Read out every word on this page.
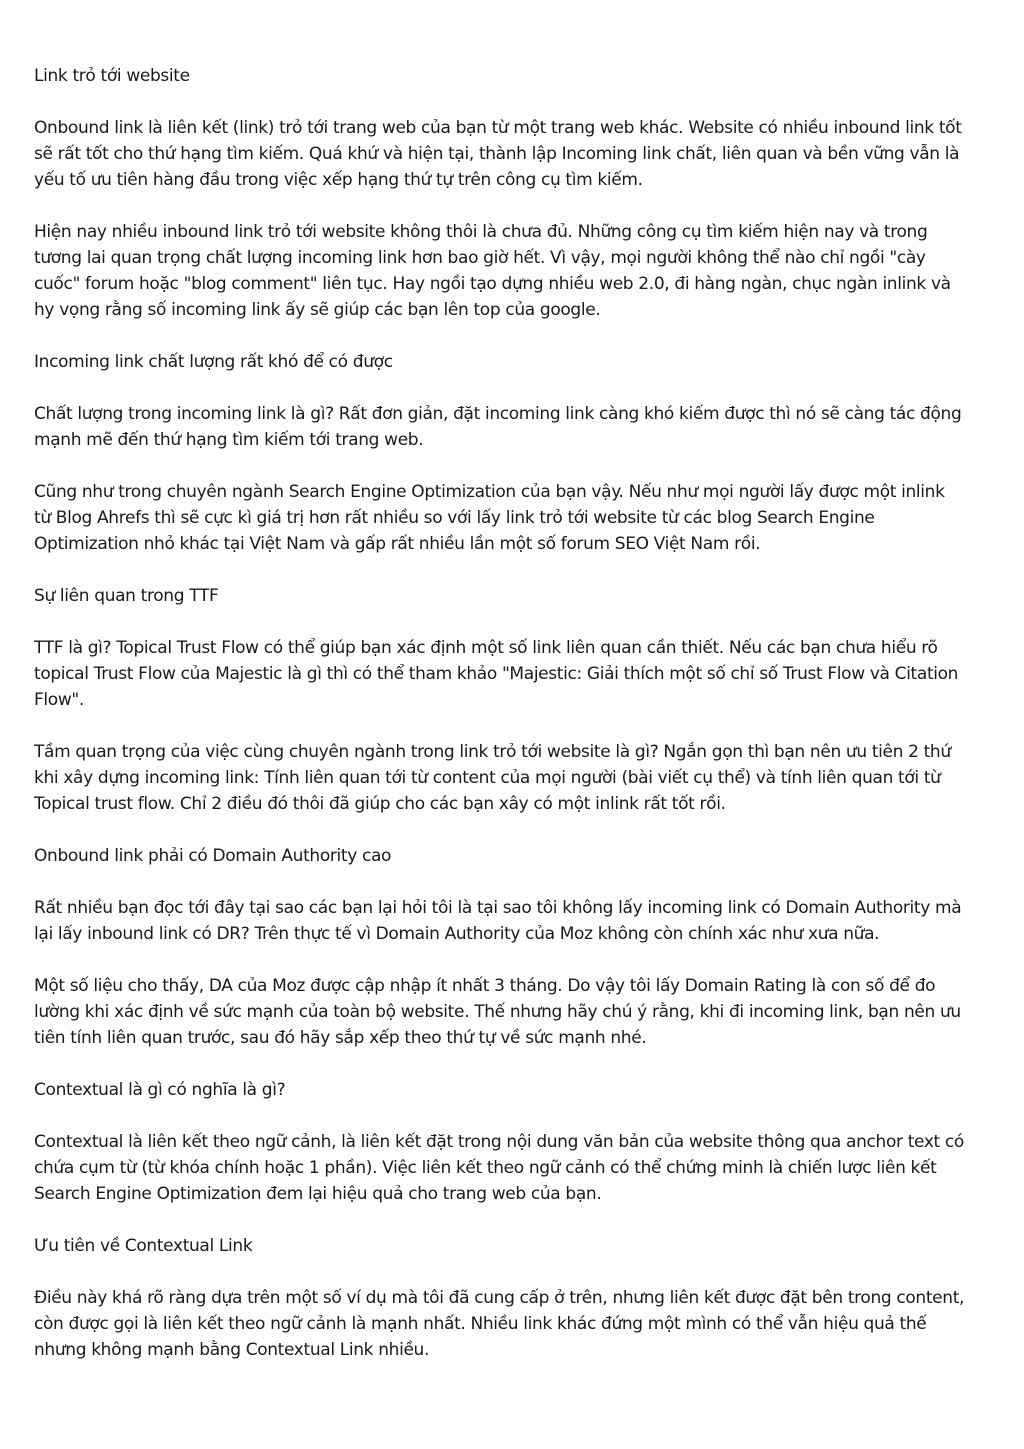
Link trỏ tới website

Onbound link là liên kết (link) trỏ tới trang web của bạn từ một trang web khác. Website có nhiều inbound link tốt
sẽ rất tốt cho thứ hạng tìm kiếm. Quá khứ và hiện tại, thành lập Incoming link chất, liên quan và bền vững vẫn là
yếu tố ưu tiên hàng đầu trong việc xếp hạng thứ tự trên công cụ tìm kiếm.

Hiện nay nhiều inbound link trỏ tới website không thôi là chưa đủ. Những công cụ tìm kiếm hiện nay và trong
tương lai quan trọng chất lượng incoming link hơn bao giờ hết. Vì vậy, mọi người không thể nào chỉ ngồi "cày
cuốc" forum hoặc "blog comment" liên tục. Hay ngồi tạo dựng nhiều web 2.0, đi hàng ngàn, chục ngàn inlink và
hy vọng rằng số incoming link ấy sẽ giúp các bạn lên top của google.

Incoming link chất lượng rất khó để có được

Chất lượng trong incoming link là gì? Rất đơn giản, đặt incoming link càng khó kiếm được thì nó sẽ càng tác động
mạnh mẽ đến thứ hạng tìm kiếm tới trang web.

Cũng như trong chuyên ngành Search Engine Optimization của bạn vậy. Nếu như mọi người lấy được một inlink
từ Blog Ahrefs thì sẽ cực kì giá trị hơn rất nhiều so với lấy link trỏ tới website từ các blog Search Engine
Optimization nhỏ khác tại Việt Nam và gấp rất nhiều lần một số forum SEO Việt Nam rồi.

Sự liên quan trong TTF

TTF là gì? Topical Trust Flow có thể giúp bạn xác định một số link liên quan cần thiết. Nếu các bạn chưa hiểu rõ
topical Trust Flow của Majestic là gì thì có thể tham khảo "Majestic: Giải thích một số chỉ số Trust Flow và Citation
Flow".

Tầm quan trọng của việc cùng chuyên ngành trong link trỏ tới website là gì? Ngắn gọn thì bạn nên ưu tiên 2 thứ
khi xây dựng incoming link: Tính liên quan tới từ content của mọi người (bài viết cụ thể) và tính liên quan tới từ
Topical trust flow. Chỉ 2 điều đó thôi đã giúp cho các bạn xây có một inlink rất tốt rồi.

Onbound link phải có Domain Authority cao

Rất nhiều bạn đọc tới đây tại sao các bạn lại hỏi tôi là tại sao tôi không lấy incoming link có Domain Authority mà
lại lấy inbound link có DR? Trên thực tế vì Domain Authority của Moz không còn chính xác như xưa nữa.

Một số liệu cho thấy, DA của Moz được cập nhập ít nhất 3 tháng. Do vậy tôi lấy Domain Rating là con số để đo
lường khi xác định về sức mạnh của toàn bộ website. Thế nhưng hãy chú ý rằng, khi đi incoming link, bạn nên ưu
tiên tính liên quan trước, sau đó hãy sắp xếp theo thứ tự về sức mạnh nhé.

Contextual là gì có nghĩa là gì?

Contextual là liên kết theo ngữ cảnh, là liên kết đặt trong nội dung văn bản của website thông qua anchor text có
chứa cụm từ (từ khóa chính hoặc 1 phần). Việc liên kết theo ngữ cảnh có thể chứng minh là chiến lược liên kết
Search Engine Optimization đem lại hiệu quả cho trang web của bạn.

Ưu tiên về Contextual Link

Điều này khá rõ ràng dựa trên một số ví dụ mà tôi đã cung cấp ở trên, nhưng liên kết được đặt bên trong content,
còn được gọi là liên kết theo ngữ cảnh là mạnh nhất. Nhiều link khác đứng một mình có thể vẫn hiệu quả thế
nhưng không mạnh bằng Contextual Link nhiều.
